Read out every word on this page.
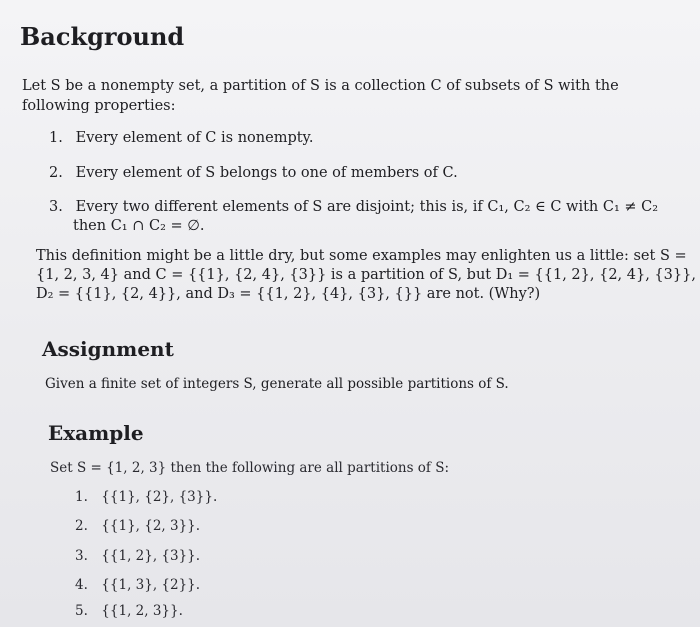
Background
Let S be a nonempty set, a partition of S is a collection C of subsets of S with the
following properties:
1. Every element of C is nonempty.
2. Every element of S belongs to one of members of C.
3. Every two different elements of S are disjoint; this is, if C₁, C₂ ∈ C with C₁ ≠ C₂
then C₁ ∩ C₂ = ∅.
This definition might be a little dry, but some examples may enlighten us a little: set S =
{1, 2, 3, 4} and C = {{1}, {2, 4}, {3}} is a partition of S, but D₁ = {{1, 2}, {2, 4}, {3}},
D₂ = {{1}, {2, 4}}, and D₃ = {{1, 2}, {4}, {3}, {}} are not. (Why?)
Assignment
Given a finite set of integers S, generate all possible partitions of S.
Example
Set S = {1, 2, 3} then the following are all partitions of S:
1. {{1}, {2}, {3}}.
2. {{1}, {2, 3}}.
3. {{1, 2}, {3}}.
4. {{1, 3}, {2}}.
5. {{1, 2, 3}}.
